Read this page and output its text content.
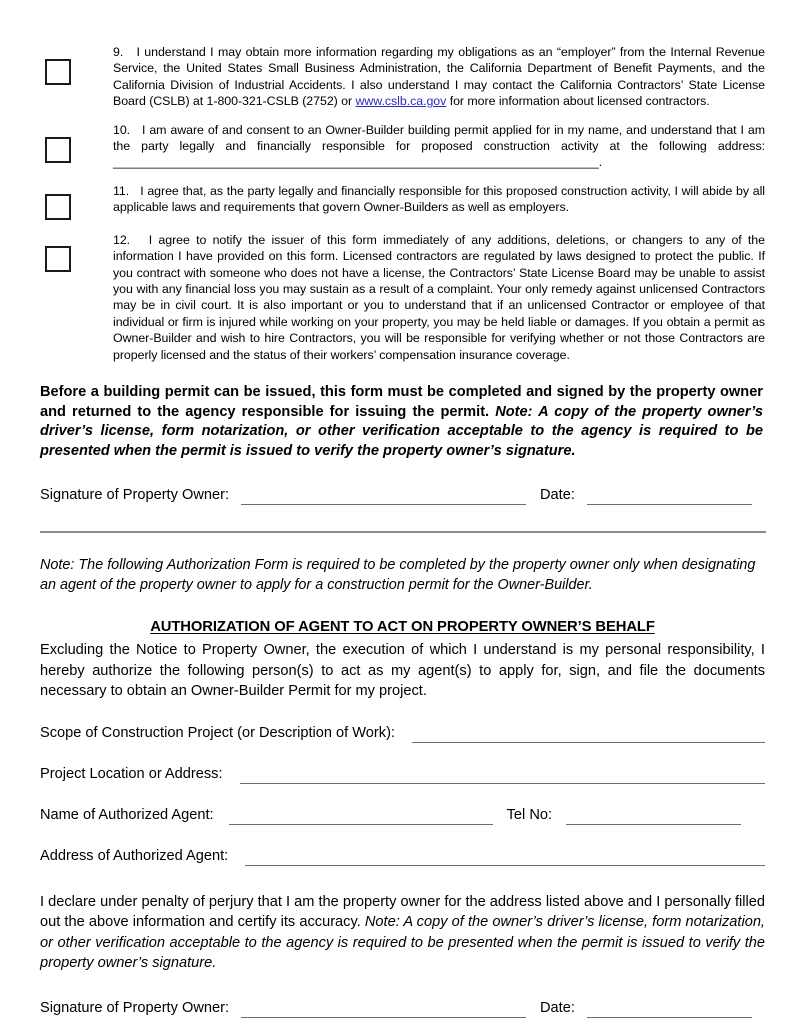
9. I understand I may obtain more information regarding my obligations as an “employer” from the Internal Revenue Service, the United States Small Business Administration, the California Department of Benefit Payments, and the California Division of Industrial Accidents. I also understand I may contact the California Contractors’ State License Board (CSLB) at 1-800-321-CSLB (2752) or www.cslb.ca.gov for more information about licensed contractors.
10. I am aware of and consent to an Owner-Builder building permit applied for in my name, and understand that I am the party legally and financially responsible for proposed construction activity at the following address: _______________________________________________________________________.
11. I agree that, as the party legally and financially responsible for this proposed construction activity, I will abide by all applicable laws and requirements that govern Owner-Builders as well as employers.
12. I agree to notify the issuer of this form immediately of any additions, deletions, or changers to any of the information I have provided on this form. Licensed contractors are regulated by laws designed to protect the public. If you contract with someone who does not have a license, the Contractors’ State License Board may be unable to assist you with any financial loss you may sustain as a result of a complaint. Your only remedy against unlicensed Contractors may be in civil court. It is also important or you to understand that if an unlicensed Contractor or employee of that individual or firm is injured while working on your property, you may be held liable or damages. If you obtain a permit as Owner-Builder and wish to hire Contractors, you will be responsible for verifying whether or not those Contractors are properly licensed and the status of their workers’ compensation insurance coverage.
Before a building permit can be issued, this form must be completed and signed by the property owner and returned to the agency responsible for issuing the permit. Note: A copy of the property owner’s driver’s license, form notarization, or other verification acceptable to the agency is required to be presented when the permit is issued to verify the property owner’s signature.
Signature of Property Owner:	Date:
Note: The following Authorization Form is required to be completed by the property owner only when designating an agent of the property owner to apply for a construction permit for the Owner-Builder.
AUTHORIZATION OF AGENT TO ACT ON PROPERTY OWNER’S BEHALF
Excluding the Notice to Property Owner, the execution of which I understand is my personal responsibility, I hereby authorize the following person(s) to act as my agent(s) to apply for, sign, and file the documents necessary to obtain an Owner-Builder Permit for my project.
Scope of Construction Project (or Description of Work):
Project Location or Address:
Name of Authorized Agent:	Tel No:
Address of Authorized Agent:
I declare under penalty of perjury that I am the property owner for the address listed above and I personally filled out the above information and certify its accuracy. Note: A copy of the owner’s driver’s license, form notarization, or other verification acceptable to the agency is required to be presented when the permit is issued to verify the property owner’s signature.
Signature of Property Owner:	Date:
